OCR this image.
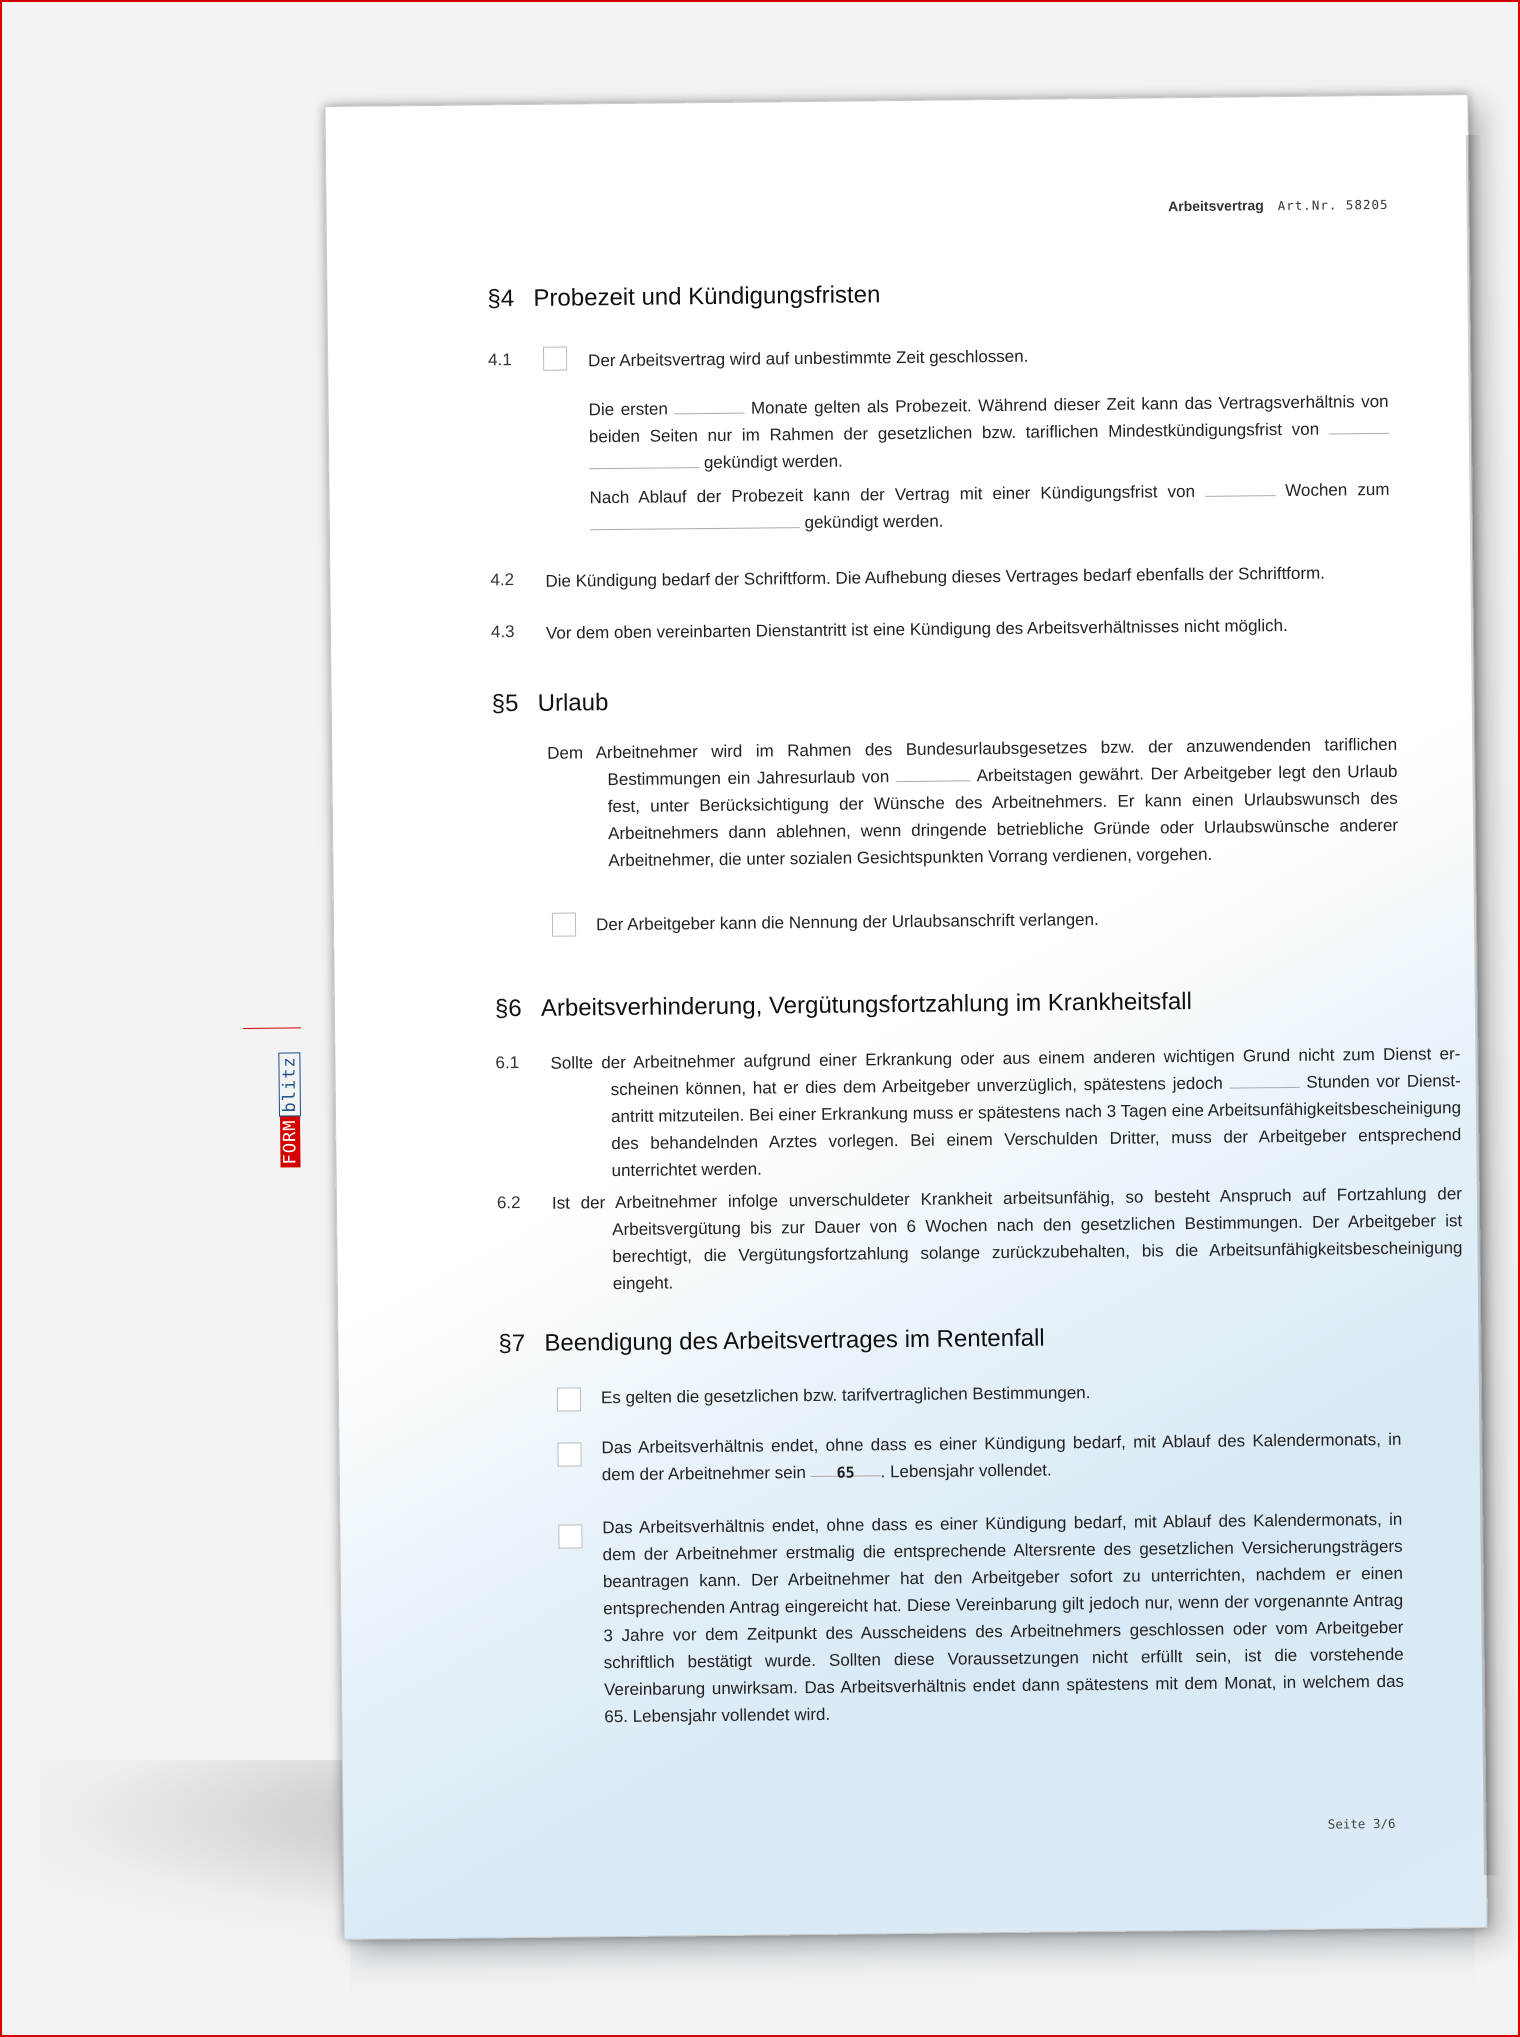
Arbeitsvertrag Art.Nr. 58205
FORMblitz
§4 Probezeit und Kündigungsfristen
4.1	Der Arbeitsvertrag wird auf unbestimmte Zeit geschlossen.
Die ersten	Monate gelten als Probezeit. Während dieser Zeit kann das Vertragsverhältnis von beiden Seiten nur im Rahmen der gesetzlichen bzw. tariflichen Mindestkündigungsfrist von   gekündigt werden.
Nach Ablauf der Probezeit kann der Vertrag mit einer Kündigungsfrist von	Wochen zum  gekündigt werden.
4.2 Die Kündigung bedarf der Schriftform. Die Aufhebung dieses Vertrages bedarf ebenfalls der Schriftform.
4.3 Vor dem oben vereinbarten Dienstantritt ist eine Kündigung des Arbeitsverhältnisses nicht möglich.
§5 Urlaub
Dem Arbeitnehmer wird im Rahmen des Bundesurlaubsgesetzes bzw. der anzuwendenden tariflichen Bestimmungen ein Jahresurlaub von	Arbeitstagen gewährt. Der Arbeitgeber legt den Urlaub fest, unter Berücksichtigung der Wünsche des Arbeitnehmers. Er kann einen Urlaubswunsch des Arbeitnehmers dann ablehnen, wenn dringende betriebliche Gründe oder Urlaubswünsche anderer Arbeitnehmer, die unter sozialen Gesichtspunkten Vorrang verdienen, vorgehen.
Der Arbeitgeber kann die Nennung der Urlaubsanschrift verlangen.
§6 Arbeitsverhinderung, Vergütungsfortzahlung im Krankheitsfall
6.1 Sollte der Arbeitnehmer aufgrund einer Erkrankung oder aus einem anderen wichtigen Grund nicht zum Dienst erscheinen können, hat er dies dem Arbeitgeber unverzüglich, spätestens jedoch	Stunden vor Dienstantritt mitzuteilen. Bei einer Erkrankung muss er spätestens nach 3 Tagen eine Arbeitsunfähigkeitsbescheinigung des behandelnden Arztes vorlegen. Bei einem Verschulden Dritter, muss der Arbeitgeber entsprechend unterrichtet werden.
6.2 Ist der Arbeitnehmer infolge unverschuldeter Krankheit arbeitsunfähig, so besteht Anspruch auf Fortzahlung der Arbeitsvergütung bis zur Dauer von 6 Wochen nach den gesetzlichen Bestimmungen. Der Arbeitgeber ist berechtigt, die Vergütungsfortzahlung solange zurückzubehalten, bis die Arbeitsunfähigkeitsbescheinigung eingeht.
§7 Beendigung des Arbeitsvertrages im Rentenfall
Es gelten die gesetzlichen bzw. tarifvertraglichen Bestimmungen.
Das Arbeitsverhältnis endet, ohne dass es einer Kündigung bedarf, mit Ablauf des Kalendermonats, in dem der Arbeitnehmer sein 65 . Lebensjahr vollendet.
Das Arbeitsverhältnis endet, ohne dass es einer Kündigung bedarf, mit Ablauf des Kalendermonats, in dem der Arbeitnehmer erstmalig die entsprechende Altersrente des gesetzlichen Versicherungsträgers beantragen kann. Der Arbeitnehmer hat den Arbeitgeber sofort zu unterrichten, nachdem er einen entsprechenden Antrag eingereicht hat. Diese Vereinbarung gilt jedoch nur, wenn der vorgenannte Antrag 3 Jahre vor dem Zeitpunkt des Ausscheidens des Arbeitnehmers geschlossen oder vom Arbeitgeber schriftlich bestätigt wurde. Sollten diese Voraussetzungen nicht erfüllt sein, ist die vorstehende Vereinbarung unwirksam. Das Arbeitsverhältnis endet dann spätestens mit dem Monat, in welchem das 65. Lebensjahr vollendet wird.
Seite 3/6
